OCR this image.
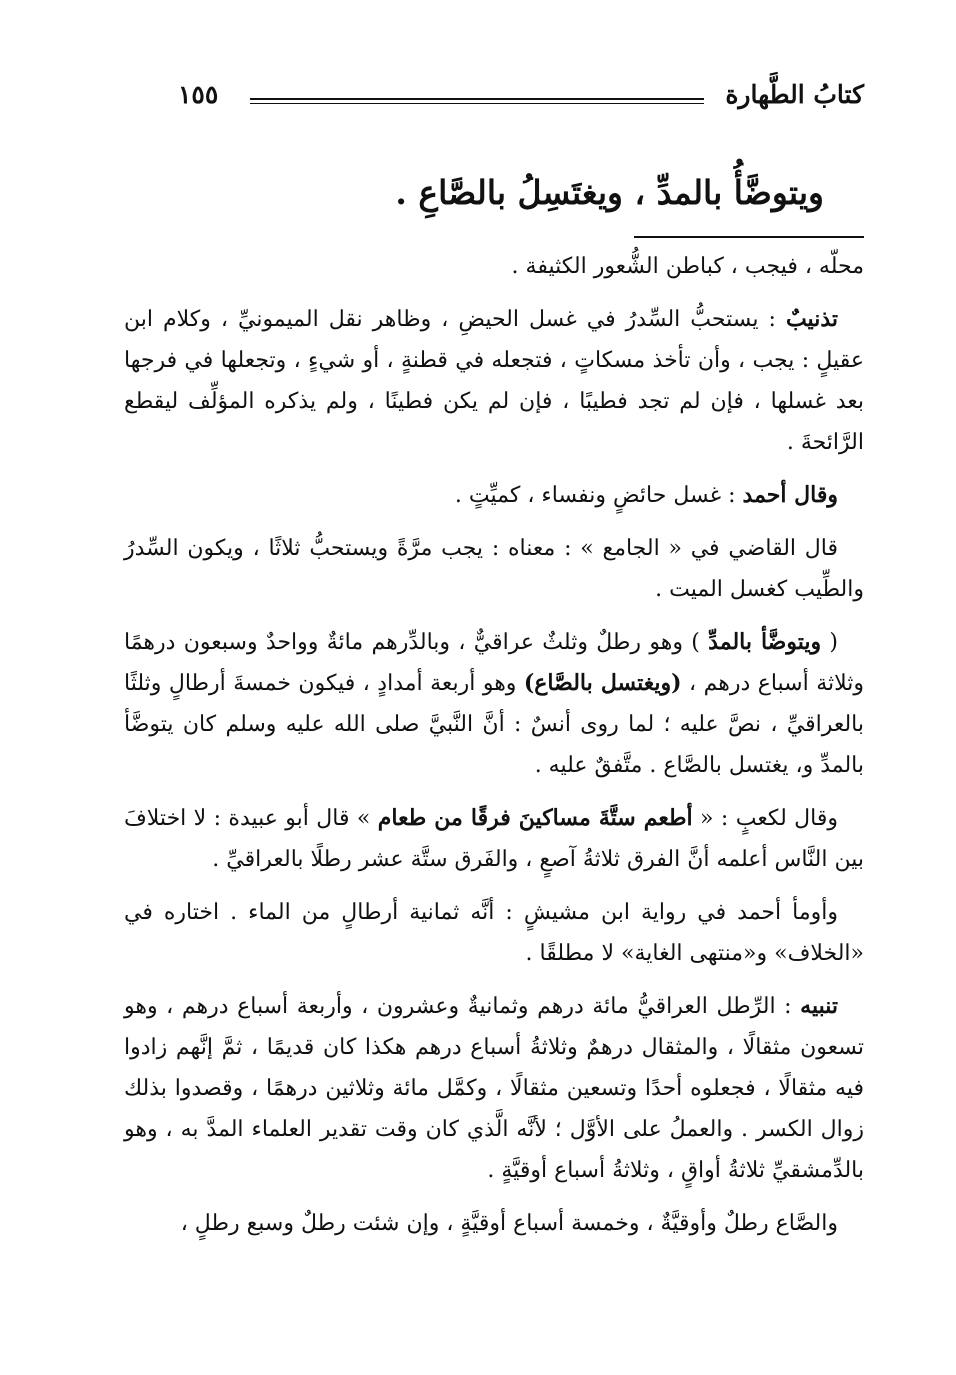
كتابُ الطَّهارة
١٥٥
ويتوضَّأُ بالمدِّ ، ويغتَسِلُ بالصَّاعِ .

محلّه ، فيجب ، كباطن الشُّعور الكثيفة .

تذنيبٌ : يستحبُّ السِّدرُ في غسل الحيضِ ، وظاهر نقل الميمونيِّ ، وكلام ابن عقيلٍ : يجب ، وأن تأخذ مسكاتٍ ، فتجعله في قطنةٍ ، أو شيءٍ ، وتجعلها في فرجها بعد غسلها ، فإن لم تجد فطيبًا ، فإن لم يكن فطينًا ، ولم يذكره المؤلِّف ليقطع الرَّائحةَ .

وقال أحمد : غسل حائضٍ ونفساء ، كميِّتٍ .

قال القاضي في « الجامع » : معناه : يجب مرَّةً ويستحبُّ ثلاثًا ، ويكون السِّدرُ والطِّيب كغسل الميت .

( ويتوضَّأ بالمدِّ ) وهو رطلٌ وثلثٌ عراقيٌّ ، وبالدِّرهم مائةٌ وواحدٌ وسبعون درهمًا وثلاثة أسباع درهم ، (ويغتسل بالصَّاع) وهو أربعة أمدادٍ ، فيكون خمسةَ أرطالٍ وثلثًا بالعراقيِّ ، نصَّ عليه ؛ لما روى أنسٌ : أنَّ النَّبيَّ صلى الله عليه وسلم كان يتوضَّأ بالمدِّ و، يغتسل بالصَّاع . متَّفقٌ عليه .

وقال لكعبٍ : « أطعم ستَّةَ مساكينَ فرقًا من طعام » قال أبو عبيدة : لا اختلافَ بين النَّاس أعلمه أنَّ الفرق ثلاثةُ آصعٍ ، والفَرق ستَّة عشر رطلًا بالعراقيِّ .

وأومأ أحمد في رواية ابن مشيشٍ : أنَّه ثمانية أرطالٍ من الماء . اختاره في «الخلاف» و«منتهى الغاية» لا مطلقًا .

تنبيه : الرِّطل العراقيُّ مائة درهم وثمانيةٌ وعشرون ، وأربعة أسباع درهم ، وهو تسعون مثقالًا ، والمثقال درهمٌ وثلاثةُ أسباع درهم هكذا كان قديمًا ، ثمَّ إنَّهم زادوا فيه مثقالًا ، فجعلوه أحدًا وتسعين مثقالًا ، وكمَّل مائة وثلاثين درهمًا ، وقصدوا بذلك زوال الكسر . والعملُ على الأوَّل ؛ لأنَّه الَّذي كان وقت تقدير العلماء المدَّ به ، وهو بالدِّمشقيِّ ثلاثةُ أواقٍ ، وثلاثةُ أسباع أوقيَّةٍ .

والصَّاع رطلٌ وأوقيَّةٌ ، وخمسة أسباع أوقيَّةٍ ، وإن شئت رطلٌ وسبع رطلٍ ،
